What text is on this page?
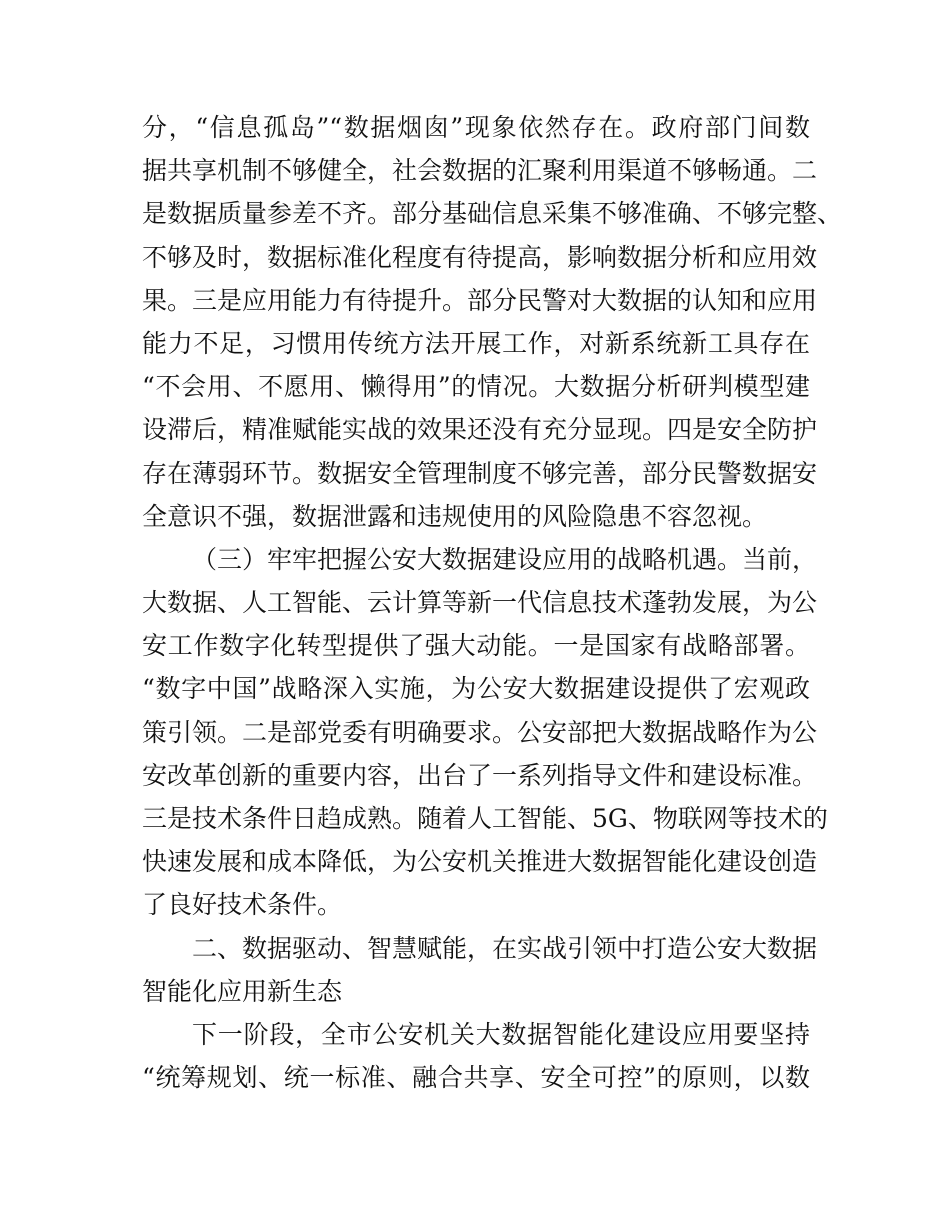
分，“信息孤岛”“数据烟囱”现象依然存在。政府部门间数
据共享机制不够健全，社会数据的汇聚利用渠道不够畅通。二
是数据质量参差不齐。部分基础信息采集不够准确、不够完整、
不够及时，数据标准化程度有待提高，影响数据分析和应用效
果。三是应用能力有待提升。部分民警对大数据的认知和应用
能力不足，习惯用传统方法开展工作，对新系统新工具存在
“不会用、不愿用、懒得用”的情况。大数据分析研判模型建
设滞后，精准赋能实战的效果还没有充分显现。四是安全防护
存在薄弱环节。数据安全管理制度不够完善，部分民警数据安
全意识不强，数据泄露和违规使用的风险隐患不容忽视。
（三）牢牢把握公安大数据建设应用的战略机遇。当前，
大数据、人工智能、云计算等新一代信息技术蓬勃发展，为公
安工作数字化转型提供了强大动能。一是国家有战略部署。
“数字中国”战略深入实施，为公安大数据建设提供了宏观政
策引领。二是部党委有明确要求。公安部把大数据战略作为公
安改革创新的重要内容，出台了一系列指导文件和建设标准。
三是技术条件日趋成熟。随着人工智能、5G、物联网等技术的
快速发展和成本降低，为公安机关推进大数据智能化建设创造
了良好技术条件。
二、数据驱动、智慧赋能，在实战引领中打造公安大数据
智能化应用新生态
下一阶段，全市公安机关大数据智能化建设应用要坚持
“统筹规划、统一标准、融合共享、安全可控”的原则，以数
